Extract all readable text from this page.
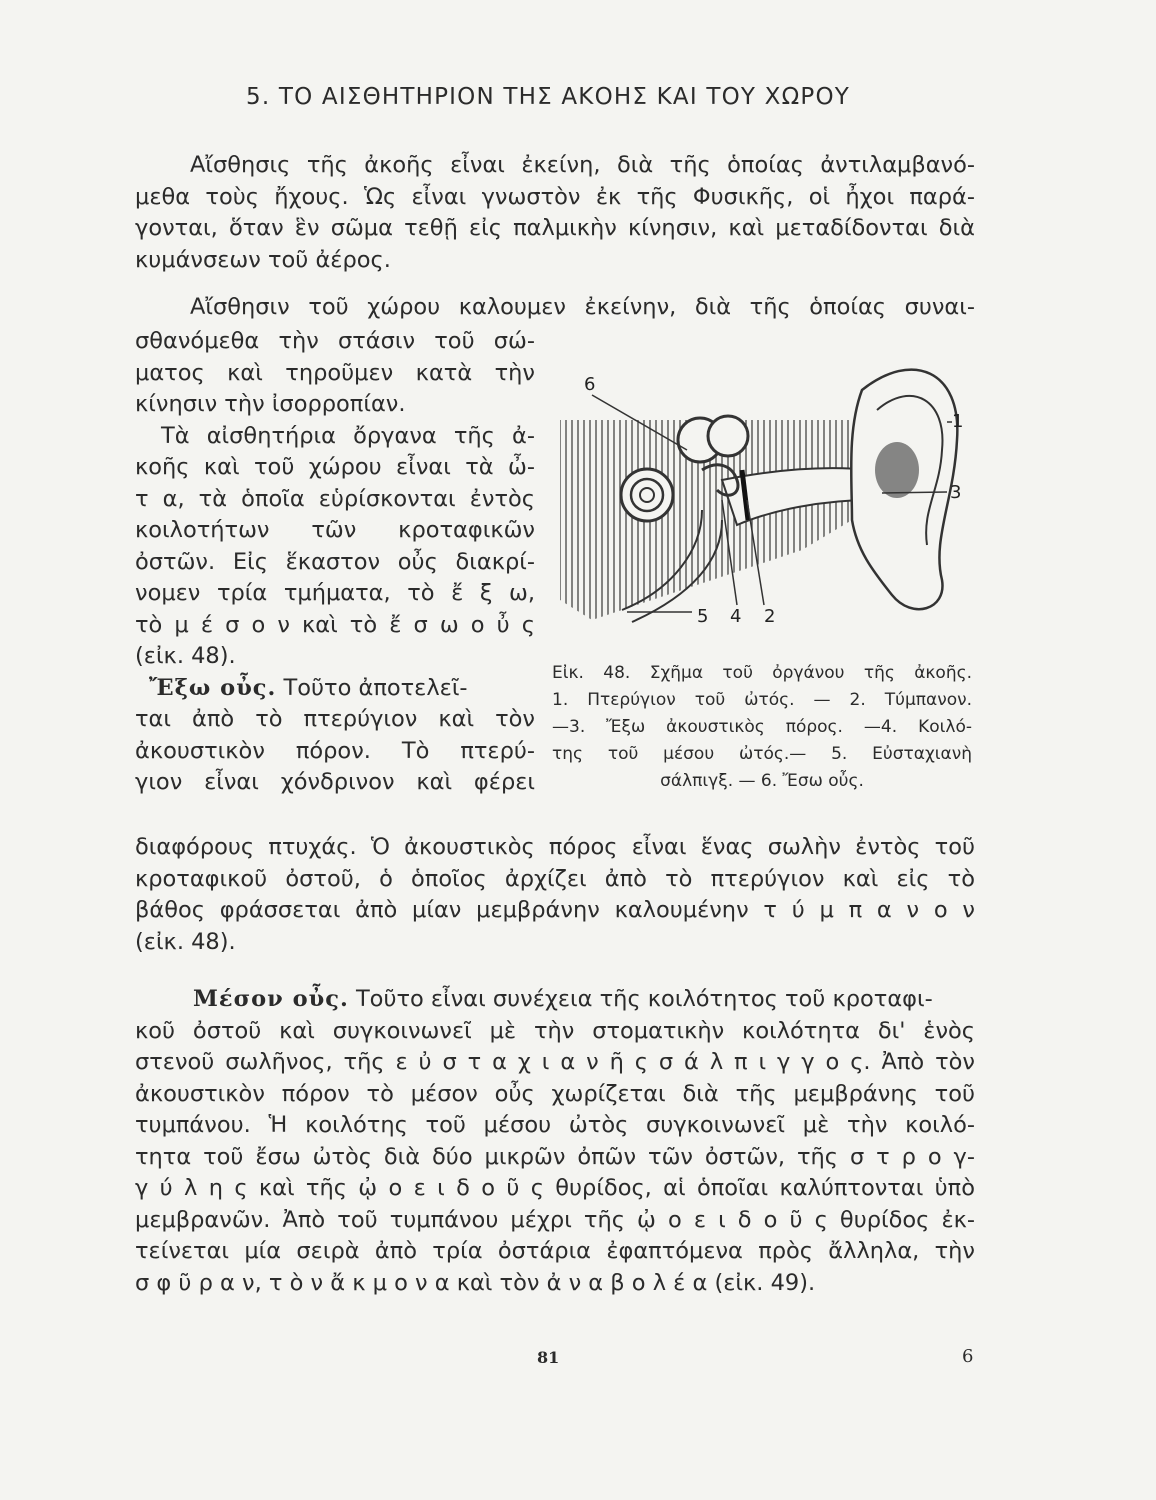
5. ΤΟ ΑΙΣΘΗΤΗΡΙΟΝ ΤΗΣ ΑΚΟΗΣ ΚΑΙ ΤΟΥ ΧΩΡΟΥ
Αἴσθησις τῆς ἀκοῆς εἶναι ἐκείνη, διὰ τῆς ὁποίας ἀντιλαμβανό-
μεθα τοὺς ἤχους. Ὡς εἶναι γνωστὸν ἐκ τῆς Φυσικῆς, οἱ ἦχοι παρά-
γονται, ὅταν ἓν σῶμα τεθῇ εἰς παλμικὴν κίνησιν, καὶ μεταδίδονται διὰ
κυμάνσεων τοῦ ἀέρος.
Αἴσθησιν τοῦ χώρου καλουμεν ἐκείνην, διὰ τῆς ὁποίας συναι-
σθανόμεθα τὴν στάσιν τοῦ σώ-
ματος καὶ τηροῦμεν κατὰ τὴν
κίνησιν τὴν ἰσορροπίαν.
Τὰ αἰσθητήρια ὄργανα τῆς ἀ-
κοῆς καὶ τοῦ χώρου εἶναι τὰ ὦ-
τ α, τὰ ὁποῖα εὑρίσκονται ἐντὸς
κοιλοτήτων τῶν κροταφικῶν
ὀστῶν. Εἰς ἕκαστον οὖς διακρί-
νομεν τρία τμήματα, τὸ ἔ ξ ω,
τὸ μ έ σ ο ν καὶ τὸ ἔ σ ω ο ὖ ς
(εἰκ. 48).
Ἔξω οὖς. Τοῦτο ἀποτελεῖ-
ται ἀπὸ τὸ πτερύγιον καὶ τὸν
ἀκουστικὸν πόρον. Τὸ πτερύ-
γιον εἶναι χόνδρινον καὶ φέρει
1
3
2
4
5
6
Εἰκ. 48. Σχῆμα τοῦ ὀργάνου τῆς ἀκοῆς.
1. Πτερύγιον τοῦ ὠτός. — 2. Τύμπανον.
—3. Ἔξω ἀκουστικὸς πόρος. —4. Κοιλό-
της τοῦ μέσου ὠτός.— 5. Εὐσταχιανὴ
σάλπιγξ. — 6. Ἔσω οὖς.
διαφόρους πτυχάς. Ὁ ἀκουστικὸς πόρος εἶναι ἕνας σωλὴν ἐντὸς τοῦ
κροταφικοῦ ὀστοῦ, ὁ ὁποῖος ἀρχίζει ἀπὸ τὸ πτερύγιον καὶ εἰς τὸ
βάθος φράσσεται ἀπὸ μίαν μεμβράνην καλουμένην τ ύ μ π α ν ο ν
(εἰκ. 48).
Μέσον οὖς. Τοῦτο εἶναι συνέχεια τῆς κοιλότητος τοῦ κροταφι-
κοῦ ὀστοῦ καὶ συγκοινωνεῖ μὲ τὴν στοματικὴν κοιλότητα δι' ἑνὸς
στενοῦ σωλῆνος, τῆς ε ὐ σ τ α χ ι α ν ῆ ς σ ά λ π ι γ γ ο ς. Ἀπὸ τὸν
ἀκουστικὸν πόρον τὸ μέσον οὖς χωρίζεται διὰ τῆς μεμβράνης τοῦ
τυμπάνου. Ἡ κοιλότης τοῦ μέσου ὠτὸς συγκοινωνεῖ μὲ τὴν κοιλό-
τητα τοῦ ἔσω ὠτὸς διὰ δύο μικρῶν ὀπῶν τῶν ὀστῶν, τῆς σ τ ρ ο γ-
γ ύ λ η ς καὶ τῆς ᾠ ο ε ι δ ο ῦ ς θυρίδος, αἱ ὁποῖαι καλύπτονται ὑπὸ
μεμβρανῶν. Ἀπὸ τοῦ τυμπάνου μέχρι τῆς ᾠ ο ε ι δ ο ῦ ς θυρίδος ἐκ-
τείνεται μία σειρὰ ἀπὸ τρία ὀστάρια ἐφαπτόμενα πρὸς ἄλληλα, τὴν
σ φ ῦ ρ α ν, τ ὸ ν ἄ κ μ ο ν α καὶ τὸν ἀ ν α β ο λ έ α (εἰκ. 49).
81	6
